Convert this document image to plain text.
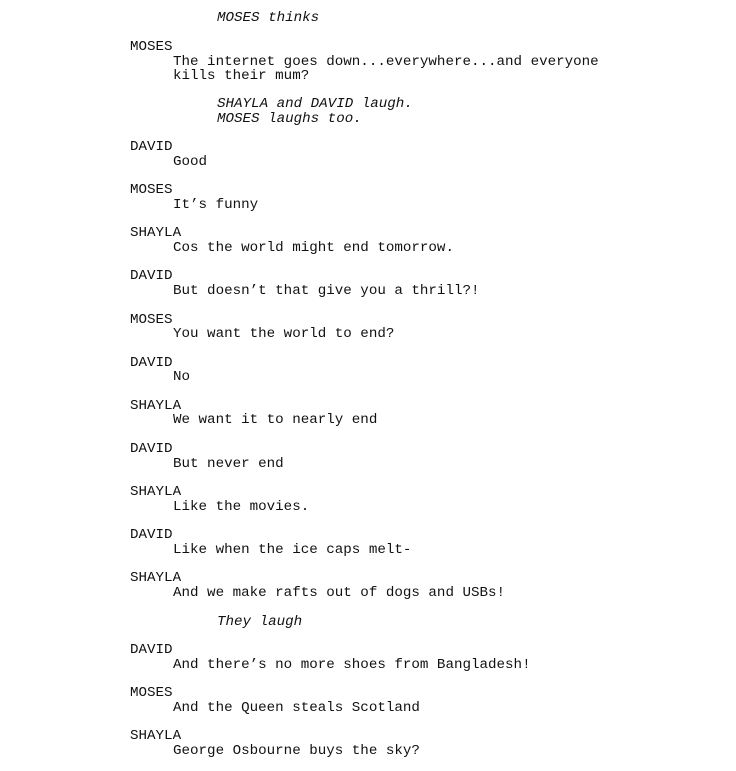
MOSES thinks
MOSES
The internet goes down...everywhere...and everyone
kills their mum?
SHAYLA and DAVID laugh.
MOSES laughs too.
DAVID
Good
MOSES
It’s funny
SHAYLA
Cos the world might end tomorrow.
DAVID
But doesn’t that give you a thrill?!
MOSES
You want the world to end?
DAVID
No
SHAYLA
We want it to nearly end
DAVID
But never end
SHAYLA
Like the movies.
DAVID
Like when the ice caps melt-
SHAYLA
And we make rafts out of dogs and USBs!
They laugh
DAVID
And there’s no more shoes from Bangladesh!
MOSES
And the Queen steals Scotland
SHAYLA
George Osbourne buys the sky?
